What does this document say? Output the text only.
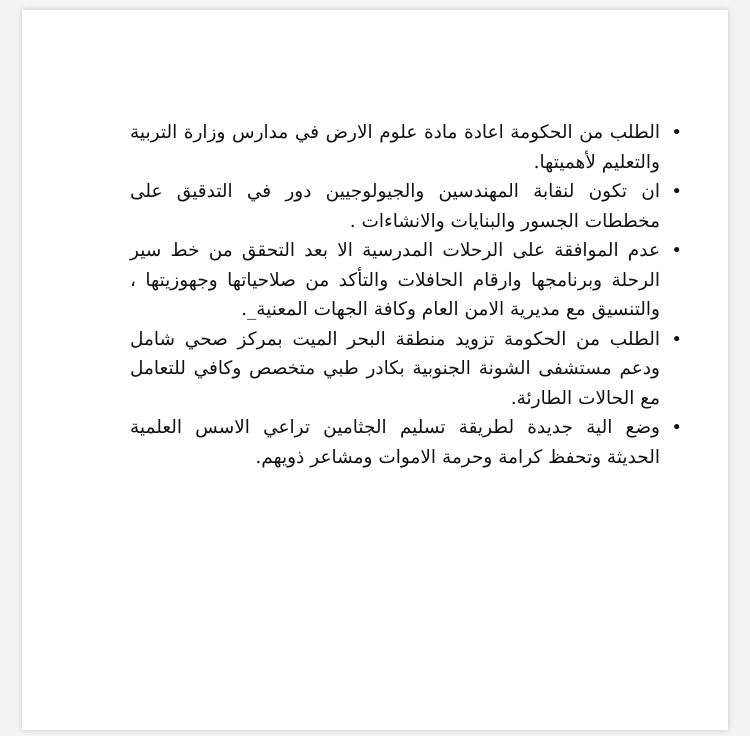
•
الطلب من الحكومة اعادة مادة علوم الارض في مدارس وزارة التربية والتعليم لأهميتها.
•
ان تكون لنقابة المهندسين والجيولوجيين دور في التدقيق على مخططات الجسور والبنايات والانشاءات .
•
عدم الموافقة على الرحلات المدرسية الا بعد التحقق من خط سير الرحلة وبرنامجها وارقام الحافلات والتأكد من صلاحياتها وجهوزيتها ، والتنسيق مع مديرية الامن العام وكافة الجهات المعنية_.
•
الطلب من الحكومة تزويد منطقة البحر الميت بمركز صحي شامل ودعم مستشفى الشونة الجنوبية بكادر طبي متخصص وكافي للتعامل مع الحالات الطارئة.
•
وضع الية جديدة لطريقة تسليم الجثامين تراعي الاسس العلمية الحديثة وتحفظ كرامة وحرمة الاموات ومشاعر ذويهم.
